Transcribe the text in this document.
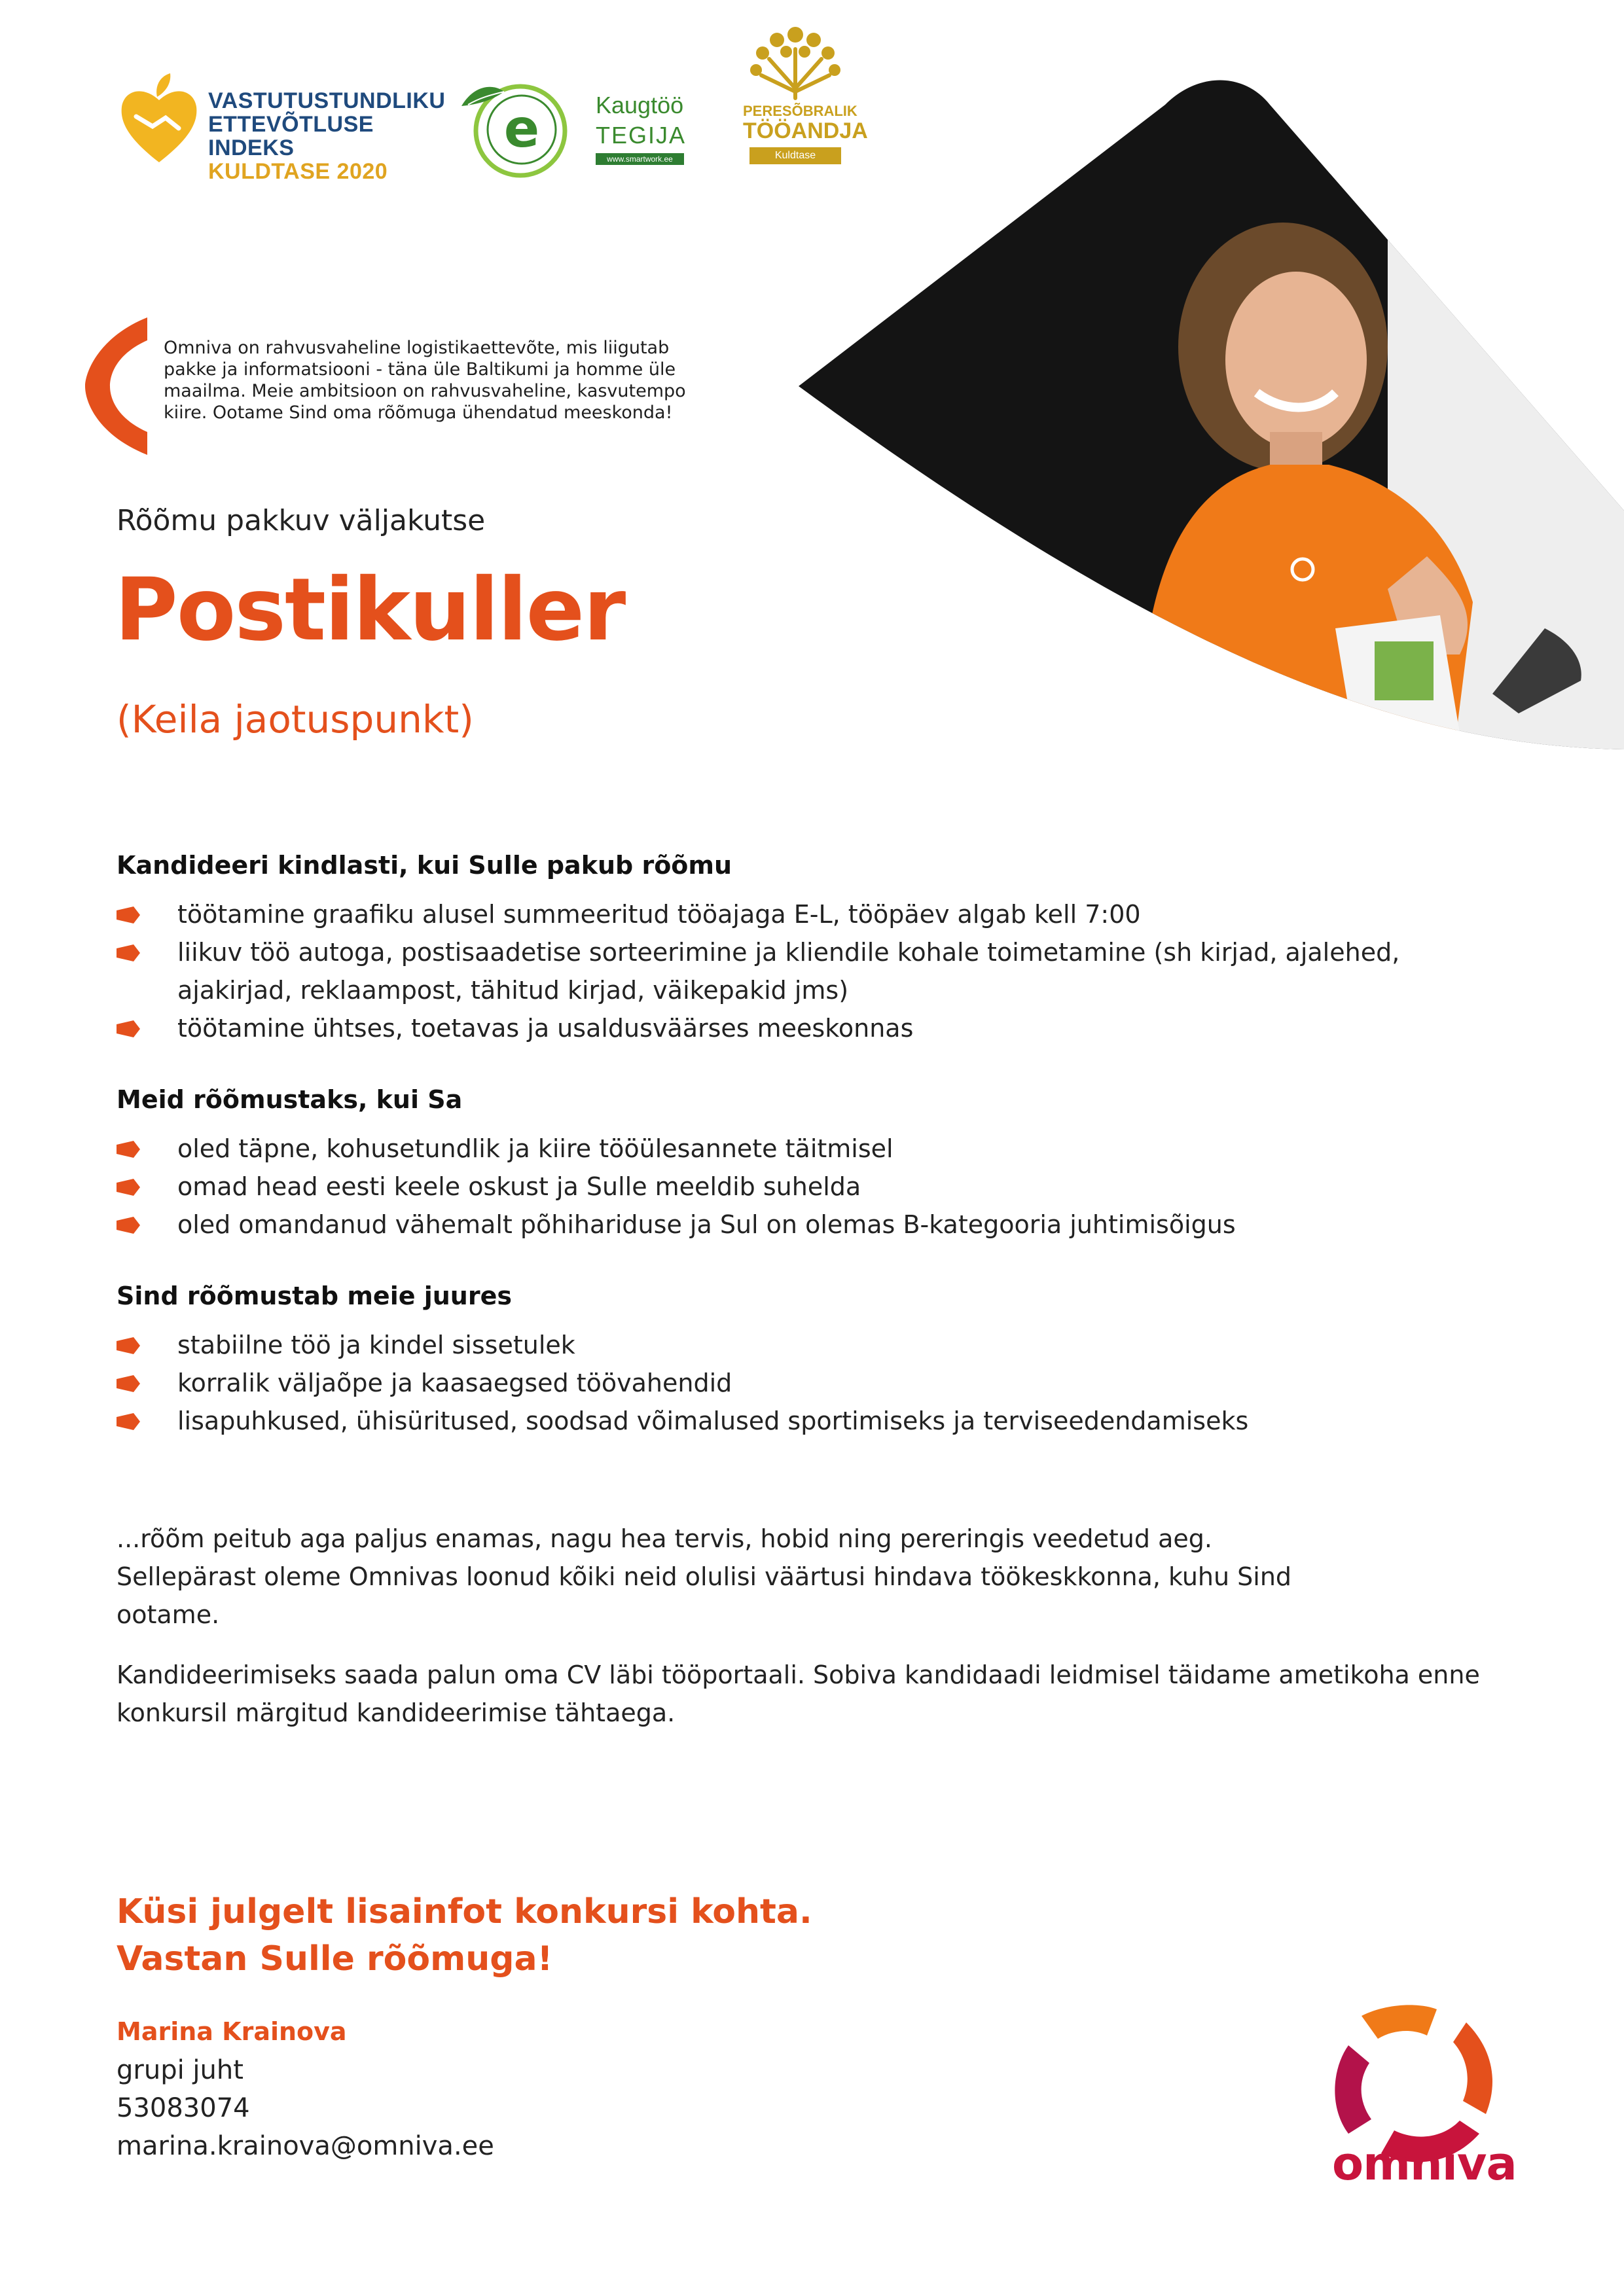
VASTUTUSTUNDLIKU
ETTEVÕTLUSE INDEKS
KULDTASE 2020
e Kaugtöö
TEGIJA
www.smartwork.ee
PERESÕBRALIK
TÖÖANDJA
Kuldtase
Omniva on rahvusvaheline logistikaettevõte, mis liigutab pakke ja informatsiooni - täna üle Baltikumi ja homme üle maailma. Meie ambitsioon on rahvusvaheline, kasvutempo kiire. Ootame Sind oma rõõmuga ühendatud meeskonda!
Rõõmu pakkuv väljakutse
Postikuller
(Keila jaotuspunkt)
Kandideeri kindlasti, kui Sulle pakub rõõmu
töötamine graafiku alusel summeeritud tööajaga E-L, tööpäev algab kell 7:00
liikuv töö autoga, postisaadetise sorteerimine ja kliendile kohale toimetamine (sh kirjad, ajalehed, ajakirjad, reklaampost, tähitud kirjad, väikepakid jms)
töötamine ühtses, toetavas ja usaldusväärses meeskonnas
Meid rõõmustaks, kui Sa
oled täpne, kohusetundlik ja kiire tööülesannete täitmisel
omad head eesti keele oskust ja Sulle meeldib suhelda
oled omandanud vähemalt põhihariduse ja Sul on olemas B-kategooria juhtimisõigus
Sind rõõmustab meie juures
stabiilne töö ja kindel sissetulek
korralik väljaõpe ja kaasaegsed töövahendid
lisapuhkused, ühisüritused, soodsad võimalused sportimiseks ja terviseedendamiseks
...rõõm peitub aga paljus enamas, nagu hea tervis, hobid ning pereringis veedetud aeg. Sellepärast oleme Omnivas loonud kõiki neid olulisi väärtusi hindava töökeskkonna, kuhu Sind ootame.
Kandideerimiseks saada palun oma CV läbi tööportaali. Sobiva kandidaadi leidmisel täidame ametikoha enne konkursil märgitud kandideerimise tähtaega.
Küsi julgelt lisainfot konkursi kohta.
Vastan Sulle rõõmuga!
Marina Krainova
grupi juht
53083074
marina.krainova@omniva.ee	omniva
